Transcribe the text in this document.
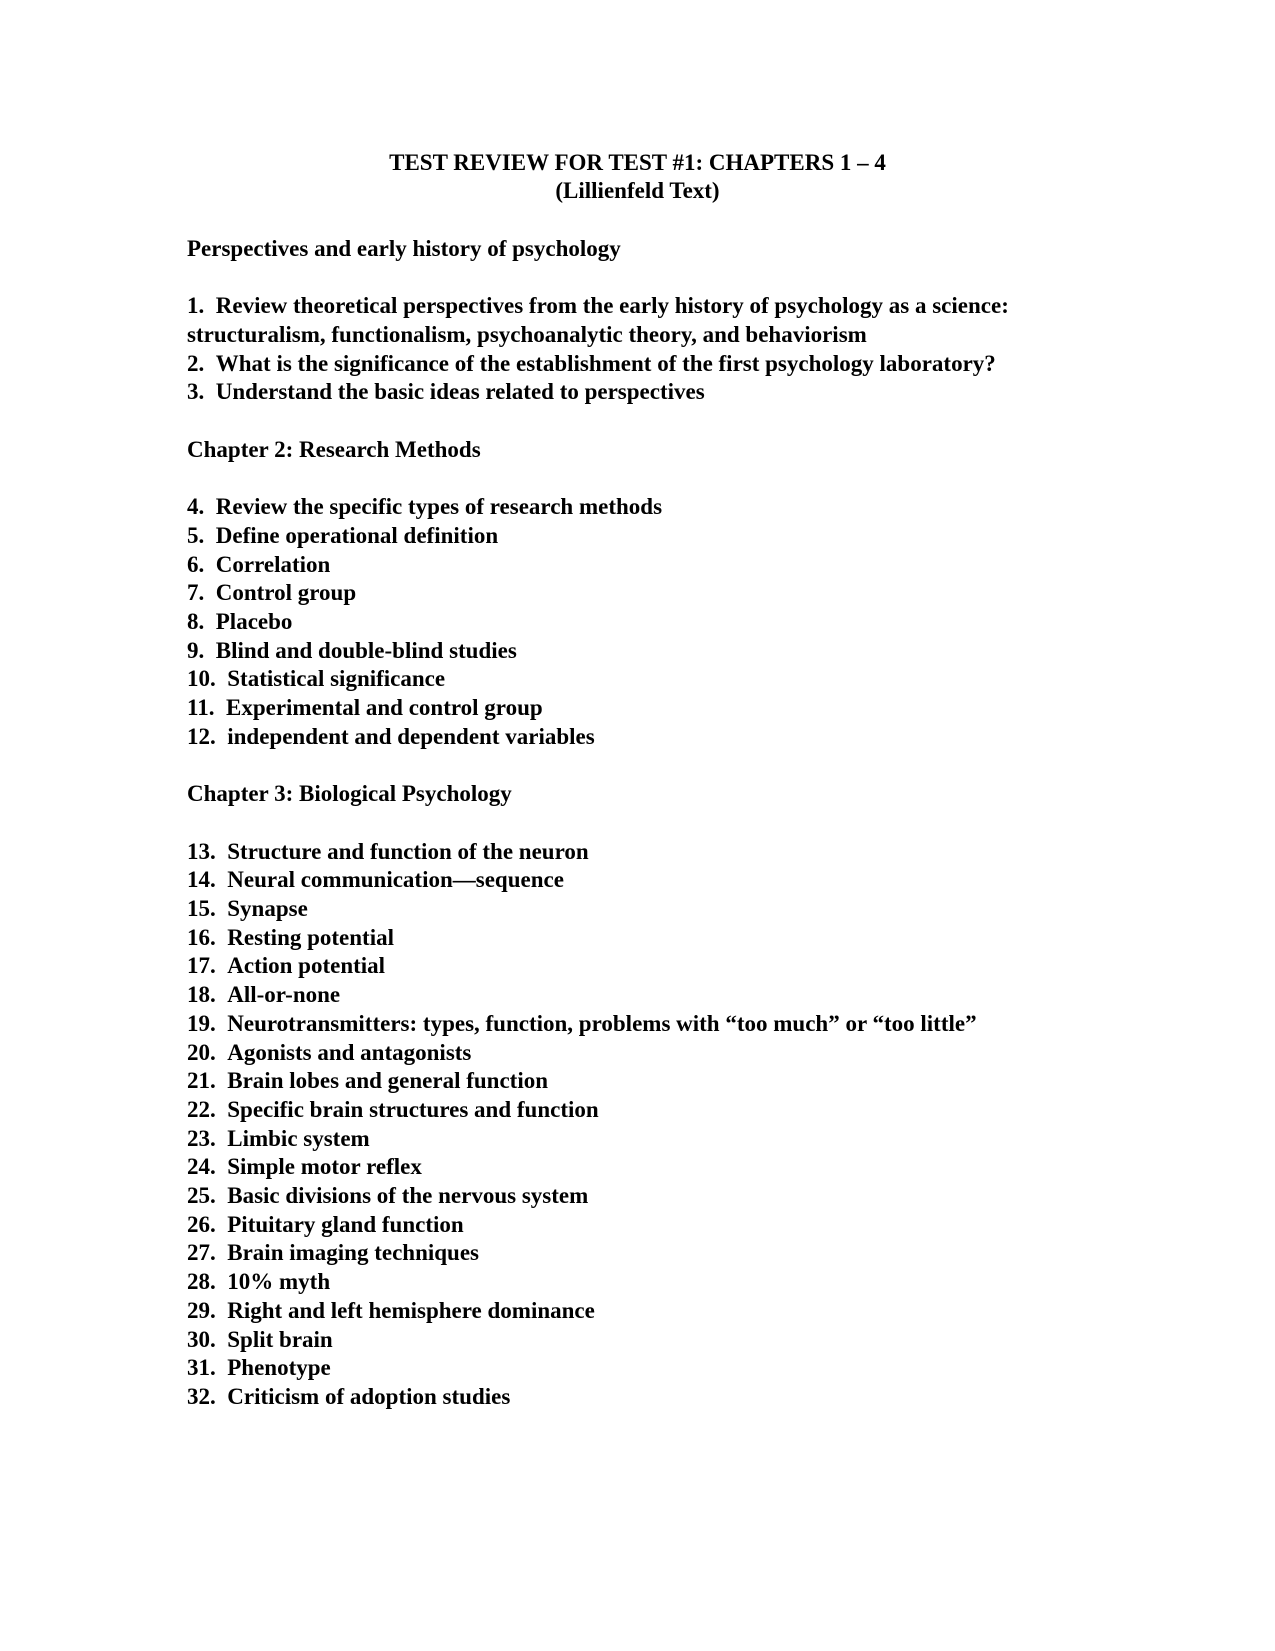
TEST REVIEW FOR TEST #1: CHAPTERS 1 – 4
(Lillienfeld Text)
Perspectives and early history of psychology
1. Review theoretical perspectives from the early history of psychology as a science:
structuralism, functionalism, psychoanalytic theory, and behaviorism
2. What is the significance of the establishment of the first psychology laboratory?
3. Understand the basic ideas related to perspectives
Chapter 2: Research Methods
4. Review the specific types of research methods
5. Define operational definition
6. Correlation
7. Control group
8. Placebo
9. Blind and double-blind studies
10. Statistical significance
11. Experimental and control group
12. independent and dependent variables
Chapter 3: Biological Psychology
13. Structure and function of the neuron
14. Neural communication—sequence
15. Synapse
16. Resting potential
17. Action potential
18. All-or-none
19. Neurotransmitters: types, function, problems with “too much” or “too little”
20. Agonists and antagonists
21. Brain lobes and general function
22. Specific brain structures and function
23. Limbic system
24. Simple motor reflex
25. Basic divisions of the nervous system
26. Pituitary gland function
27. Brain imaging techniques
28. 10% myth
29. Right and left hemisphere dominance
30. Split brain
31. Phenotype
32. Criticism of adoption studies
